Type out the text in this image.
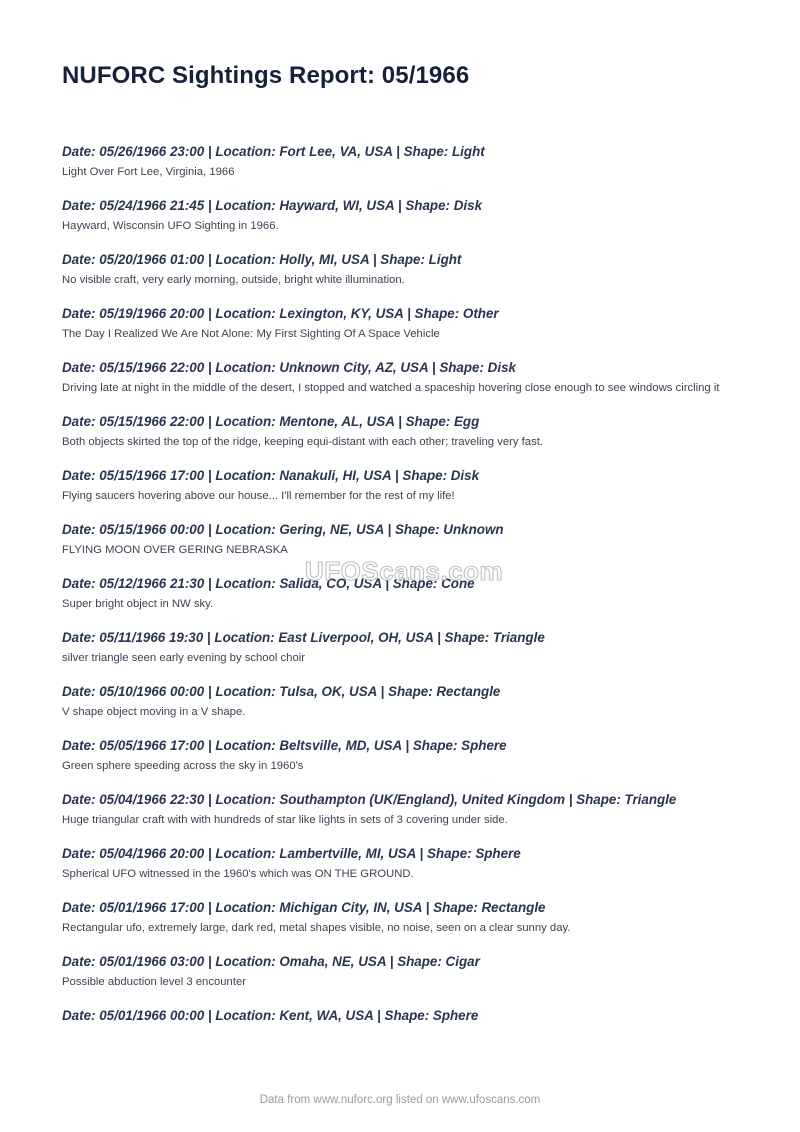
NUFORC Sightings Report: 05/1966
Date: 05/26/1966 23:00 | Location: Fort Lee, VA, USA | Shape: Light

Light Over Fort Lee, Virginia, 1966

Date: 05/24/1966 21:45 | Location: Hayward, WI, USA | Shape: Disk

Hayward, Wisconsin UFO Sighting in 1966.

Date: 05/20/1966 01:00 | Location: Holly, MI, USA | Shape: Light

No visible craft, very early morning, outside, bright white illumination.

Date: 05/19/1966 20:00 | Location: Lexington, KY, USA | Shape: Other

The Day I Realized We Are Not Alone: My First Sighting Of A Space Vehicle

Date: 05/15/1966 22:00 | Location: Unknown City, AZ, USA | Shape: Disk

Driving late at night in the middle of the desert, I stopped and watched a spaceship hovering close enough to see windows circling it

Date: 05/15/1966 22:00 | Location: Mentone, AL, USA | Shape: Egg

Both objects skirted the top of the ridge, keeping equi-distant with each other; traveling very fast.

Date: 05/15/1966 17:00 | Location: Nanakuli, HI, USA | Shape: Disk

Flying saucers hovering above our house... I'll remember for the rest of my life!

Date: 05/15/1966 00:00 | Location: Gering, NE, USA | Shape: Unknown

FLYING MOON OVER GERING NEBRASKA

Date: 05/12/1966 21:30 | Location: Salida, CO, USA | Shape: Cone

Super bright object in NW sky.

Date: 05/11/1966 19:30 | Location: East Liverpool, OH, USA | Shape: Triangle

silver triangle seen early evening by school choir

Date: 05/10/1966 00:00 | Location: Tulsa, OK, USA | Shape: Rectangle

V shape object moving in a V shape.

Date: 05/05/1966 17:00 | Location: Beltsville, MD, USA | Shape: Sphere

Green sphere speeding across the sky in 1960's

Date: 05/04/1966 22:30 | Location: Southampton (UK/England), United Kingdom | Shape: Triangle

Huge triangular craft with with hundreds of star like lights in sets of 3 covering under side.

Date: 05/04/1966 20:00 | Location: Lambertville, MI, USA | Shape: Sphere

Spherical UFO witnessed in the 1960's which was ON THE GROUND.

Date: 05/01/1966 17:00 | Location: Michigan City, IN, USA | Shape: Rectangle

Rectangular ufo, extremely large, dark red, metal shapes visible, no noise, seen on a clear sunny day.

Date: 05/01/1966 03:00 | Location: Omaha, NE, USA | Shape: Cigar

Possible abduction level 3 encounter

Date: 05/01/1966 00:00 | Location: Kent, WA, USA | Shape: Sphere

UFOScans.com
Data from www.nuforc.org listed on www.ufoscans.com
